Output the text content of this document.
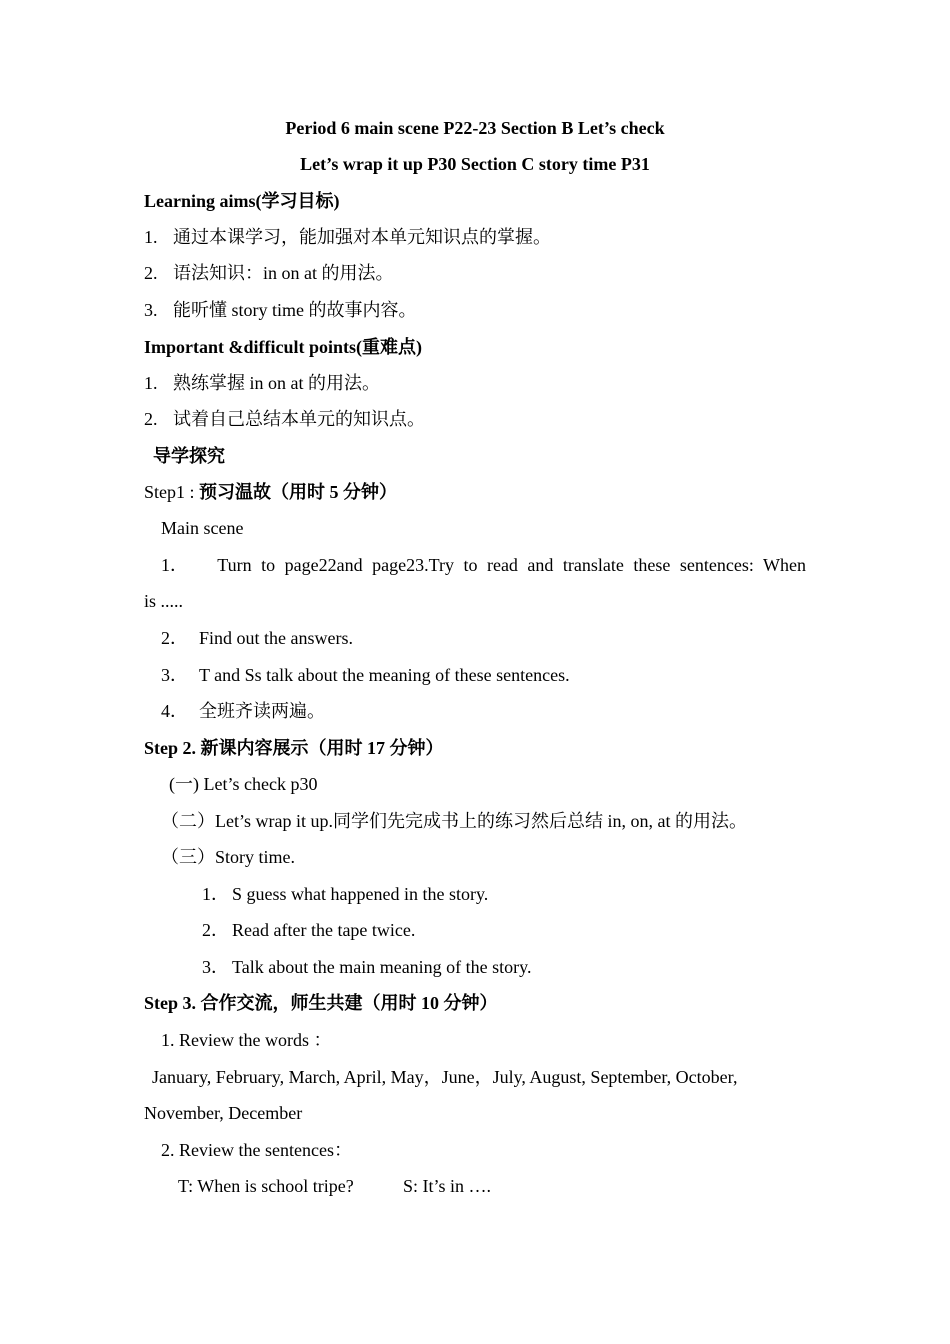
Period 6 main scene P22-23 Section B Let’s check
Let’s wrap it up P30 Section C story time P31
Learning aims(学习目标)
1. 通过本课学习，能加强对本单元知识点的掌握。
2. 语法知识：in on at 的用法。
3. 能听懂 story time 的故事内容。
Important &difficult points(重难点)
1. 熟练掌握 in on at 的用法。
2. 试着自己总结本单元的知识点。
导学探究
Step1 : 预习温故（用时 5 分钟）
Main scene
1．	Turn to page22and page23.Try to read and translate these sentences: When
is .....
2． Find out the answers.
3． T and Ss talk about the meaning of these sentences.
4． 全班齐读两遍。
Step 2. 新课内容展示（用时 17 分钟）
(一) Let’s check p30
（二）Let’s wrap it up.同学们先完成书上的练习然后总结 in, on, at 的用法。
（三）Story time.
1． S guess what happened in the story.
2． Read after the tape twice.
3． Talk about the main meaning of the story.
Step 3. 合作交流，师生共建（用时 10 分钟）
1. Review the words ：
January, February, March, April, May，June，July, August, September, October,
November, December
2. Review the sentences：
T: When is school tripe?	S: It’s in ….
